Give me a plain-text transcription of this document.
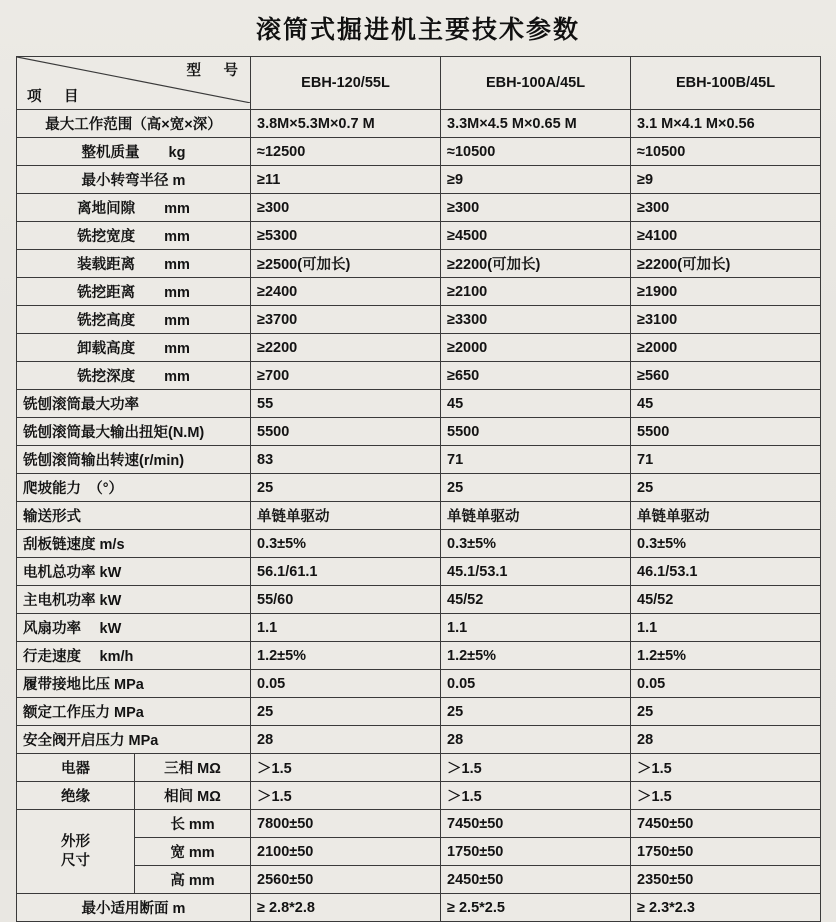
滚筒式掘进机主要技术参数
型　号
项　目		EBH-120/55L	EBH-100A/45L	EBH-100B/45L
最大工作范围（高×宽×深）		3.8M×5.3M×0.7 M	3.3M×4.5 M×0.65 M	3.1 M×4.1 M×0.56
整机质量　　kg		≈12500	≈10500	≈10500
最小转弯半径 m		≥11	≥9	≥9
离地间隙　　mm		≥300	≥300	≥300
铣挖宽度　　mm		≥5300	≥4500	≥4100
装载距离　　mm		≥2500(可加长)	≥2200(可加长)	≥2200(可加长)
铣挖距离　　mm		≥2400	≥2100	≥1900
铣挖高度　　mm		≥3700	≥3300	≥3100
卸载高度　　mm		≥2200	≥2000	≥2000
铣挖深度　　mm		≥700	≥650	≥560
铣刨滚筒最大功率		55	45	45
铣刨滚筒最大输出扭矩(N.M)		5500	5500	5500
铣刨滚筒输出转速(r/min)		83	71	71
爬坡能力　（°）		25	25	25
输送形式		单链单驱动	单链单驱动	单链单驱动
刮板链速度 m/s		0.3±5%	0.3±5%	0.3±5%
电机总功率 kW		56.1/61.1	45.1/53.1	46.1/53.1
主电机功率 kW		55/60	45/52	45/52
风扇功率　 kW		1.1	1.1	1.1
行走速度　 km/h		1.2±5%	1.2±5%	1.2±5%
履带接地比压 MPa		0.05	0.05	0.05
额定工作压力 MPa		25	25	25
安全阀开启压力 MPa		28	28	28
电器	三相 MΩ	＞1.5	＞1.5	＞1.5
绝缘	相间 MΩ	＞1.5	＞1.5	＞1.5
外形
尺寸	长 mm	7800±50	7450±50	7450±50
	宽 mm	2100±50	1750±50	1750±50
	高 mm	2560±50	2450±50	2350±50
最小适用断面 m		≥ 2.8*2.8	≥ 2.5*2.5	≥ 2.3*2.3
